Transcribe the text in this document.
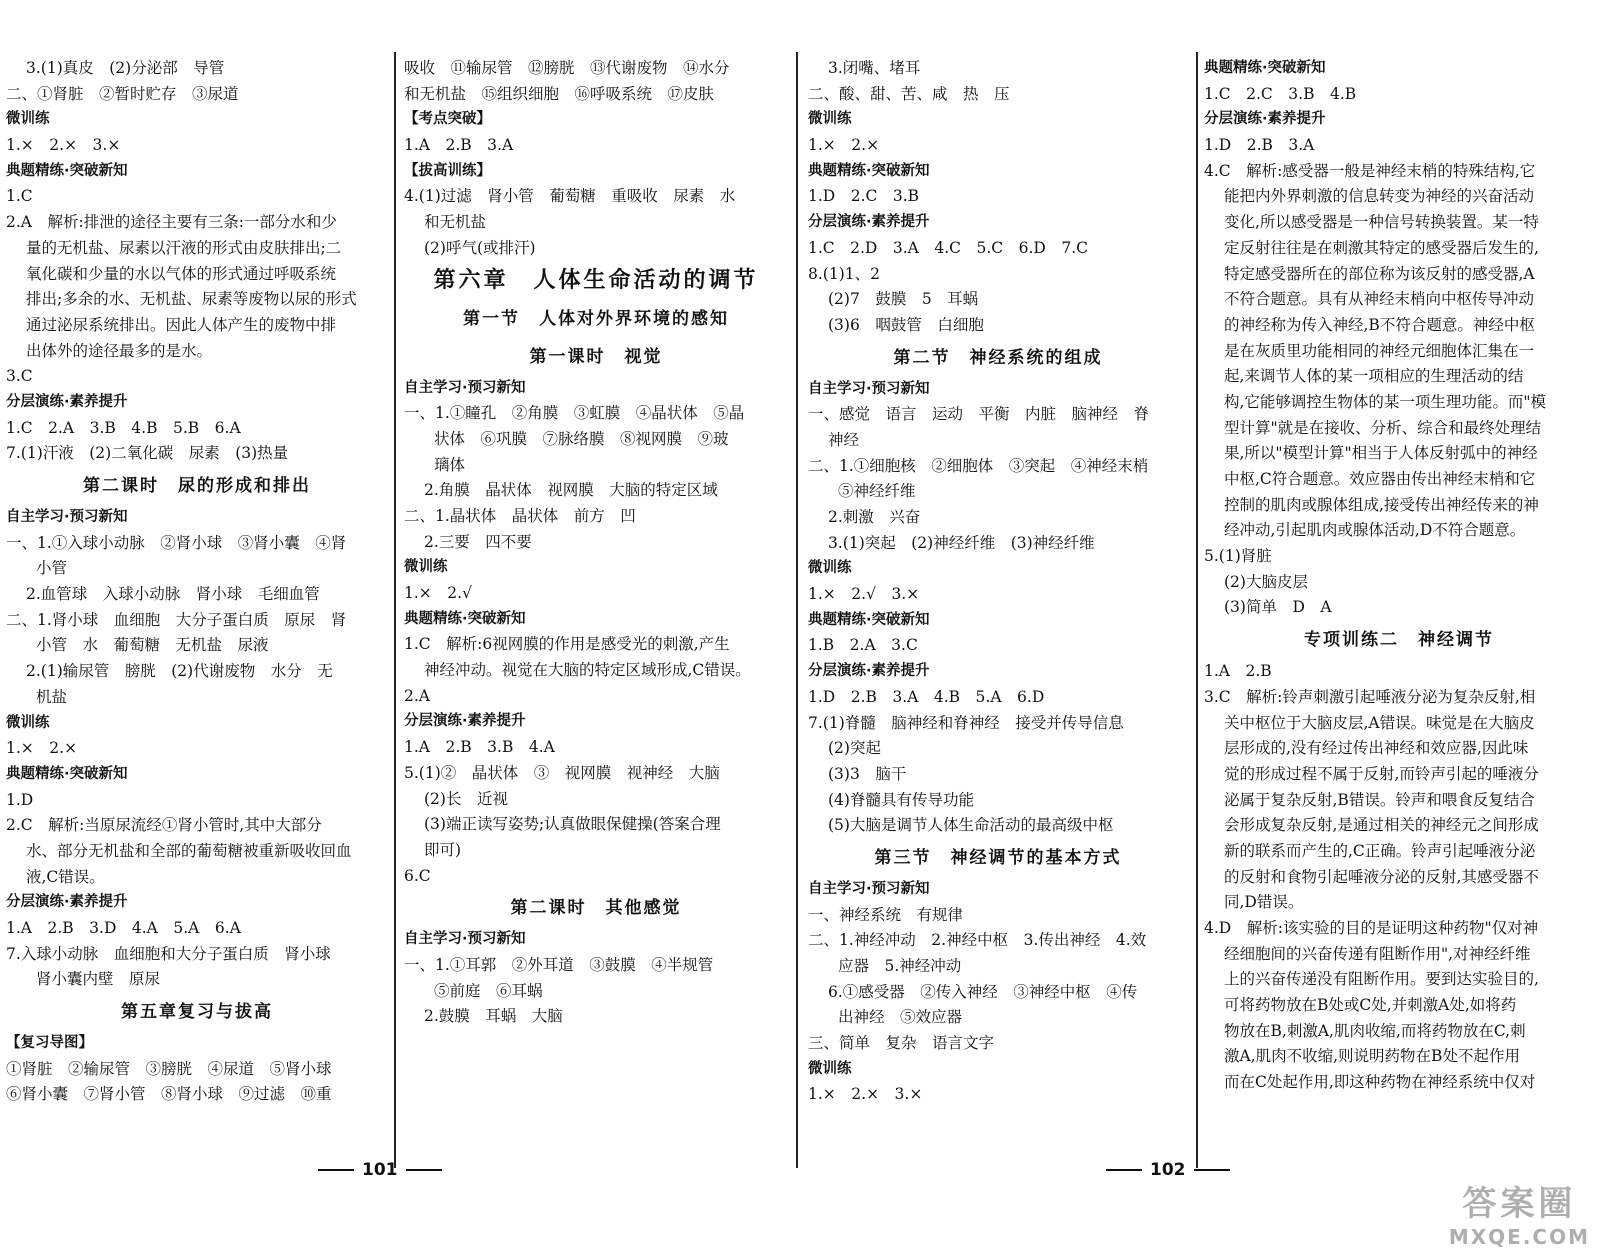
3.(1)真皮　(2)分泌部　导管
二、①肾脏　②暂时贮存　③尿道
微训练
1.×　2.×　3.×
典题精练·突破新知
1.C
2.A　解析:排泄的途径主要有三条:一部分水和少
量的无机盐、尿素以汗液的形式由皮肤排出;二
氧化碳和少量的水以气体的形式通过呼吸系统
排出;多余的水、无机盐、尿素等废物以尿的形式
通过泌尿系统排出。因此人体产生的废物中排
出体外的途径最多的是水。
3.C
分层演练·素养提升
1.C　2.A　3.B　4.B　5.B　6.A
7.(1)汗液　(2)二氧化碳　尿素　(3)热量
第二课时　尿的形成和排出
自主学习·预习新知
一、1.①入球小动脉　②肾小球　③肾小囊　④肾
小管
2.血管球　入球小动脉　肾小球　毛细血管
二、1.肾小球　血细胞　大分子蛋白质　原尿　肾
小管　水　葡萄糖　无机盐　尿液
2.(1)输尿管　膀胱　(2)代谢废物　水分　无
机盐
微训练
1.×　2.×
典题精练·突破新知
1.D
2.C　解析:当原尿流经①肾小管时,其中大部分
水、部分无机盐和全部的葡萄糖被重新吸收回血
液,C错误。
分层演练·素养提升
1.A　2.B　3.D　4.A　5.A　6.A
7.入球小动脉　血细胞和大分子蛋白质　肾小球
肾小囊内壁　原尿
第五章复习与拔高
【复习导图】
①肾脏　②输尿管　③膀胱　④尿道　⑤肾小球
⑥肾小囊　⑦肾小管　⑧肾小球　⑨过滤　⑩重
吸收　⑪输尿管　⑫膀胱　⑬代谢废物　⑭水分
和无机盐　⑮组织细胞　⑯呼吸系统　⑰皮肤
【考点突破】
1.A　2.B　3.A
【拔高训练】
4.(1)过滤　肾小管　葡萄糖　重吸收　尿素　水
和无机盐
(2)呼气(或排汗)
第六章　人体生命活动的调节
第一节　人体对外界环境的感知
第一课时　视觉
自主学习·预习新知
一、1.①瞳孔　②角膜　③虹膜　④晶状体　⑤晶
状体　⑥巩膜　⑦脉络膜　⑧视网膜　⑨玻
璃体
2.角膜　晶状体　视网膜　大脑的特定区域
二、1.晶状体　晶状体　前方　凹
2.三要　四不要
微训练
1.×　2.√
典题精练·突破新知
1.C　解析:6视网膜的作用是感受光的刺激,产生
神经冲动。视觉在大脑的特定区域形成,C错误。
2.A
分层演练·素养提升
1.A　2.B　3.B　4.A
5.(1)②　晶状体　③　视网膜　视神经　大脑
(2)长　近视
(3)端正读写姿势;认真做眼保健操(答案合理
即可)
6.C
第二课时　其他感觉
自主学习·预习新知
一、1.①耳郭　②外耳道　③鼓膜　④半规管
⑤前庭　⑥耳蜗
2.鼓膜　耳蜗　大脑
3.闭嘴、堵耳
二、酸、甜、苦、咸　热　压
微训练
1.×　2.×
典题精练·突破新知
1.D　2.C　3.B
分层演练·素养提升
1.C　2.D　3.A　4.C　5.C　6.D　7.C
8.(1)1、2
(2)7　鼓膜　5　耳蜗
(3)6　咽鼓管　白细胞
第二节　神经系统的组成
自主学习·预习新知
一、感觉　语言　运动　平衡　内脏　脑神经　脊
神经
二、1.①细胞核　②细胞体　③突起　④神经末梢
⑤神经纤维
2.刺激　兴奋
3.(1)突起　(2)神经纤维　(3)神经纤维
微训练
1.×　2.√　3.×
典题精练·突破新知
1.B　2.A　3.C
分层演练·素养提升
1.D　2.B　3.A　4.B　5.A　6.D
7.(1)脊髓　脑神经和脊神经　接受并传导信息
(2)突起
(3)3　脑干
(4)脊髓具有传导功能
(5)大脑是调节人体生命活动的最高级中枢
第三节　神经调节的基本方式
自主学习·预习新知
一、神经系统　有规律
二、1.神经冲动　2.神经中枢　3.传出神经　4.效
应器　5.神经冲动
6.①感受器　②传入神经　③神经中枢　④传
出神经　⑤效应器
三、简单　复杂　语言文字
微训练
1.×　2.×　3.×
典题精练·突破新知
1.C　2.C　3.B　4.B
分层演练·素养提升
1.D　2.B　3.A
4.C　解析:感受器一般是神经末梢的特殊结构,它
能把内外界刺激的信息转变为神经的兴奋活动
变化,所以感受器是一种信号转换装置。某一特
定反射往往是在刺激其特定的感受器后发生的,
特定感受器所在的部位称为该反射的感受器,A
不符合题意。具有从神经末梢向中枢传导冲动
的神经称为传入神经,B不符合题意。神经中枢
是在灰质里功能相同的神经元细胞体汇集在一
起,来调节人体的某一项相应的生理活动的结
构,它能够调控生物体的某一项生理功能。而"模
型计算"就是在接收、分析、综合和最终处理结
果,所以"模型计算"相当于人体反射弧中的神经
中枢,C符合题意。效应器由传出神经末梢和它
控制的肌肉或腺体组成,接受传出神经传来的神
经冲动,引起肌肉或腺体活动,D不符合题意。
5.(1)肾脏
(2)大脑皮层
(3)简单　D　A
专项训练二　神经调节
1.A　2.B
3.C　解析:铃声刺激引起唾液分泌为复杂反射,相
关中枢位于大脑皮层,A错误。味觉是在大脑皮
层形成的,没有经过传出神经和效应器,因此味
觉的形成过程不属于反射,而铃声引起的唾液分
泌属于复杂反射,B错误。铃声和喂食反复结合
会形成复杂反射,是通过相关的神经元之间形成
新的联系而产生的,C正确。铃声引起唾液分泌
的反射和食物引起唾液分泌的反射,其感受器不
同,D错误。
4.D　解析:该实验的目的是证明这种药物"仅对神
经细胞间的兴奋传递有阻断作用",对神经纤维
上的兴奋传递没有阻断作用。要到达实验目的,
可将药物放在B处或C处,并刺激A处,如将药
物放在B,刺激A,肌肉收缩,而将药物放在C,刺
激A,肌肉不收缩,则说明药物在B处不起作用
而在C处起作用,即这种药物在神经系统中仅对
101	102
答案圈
MXQE.COM
